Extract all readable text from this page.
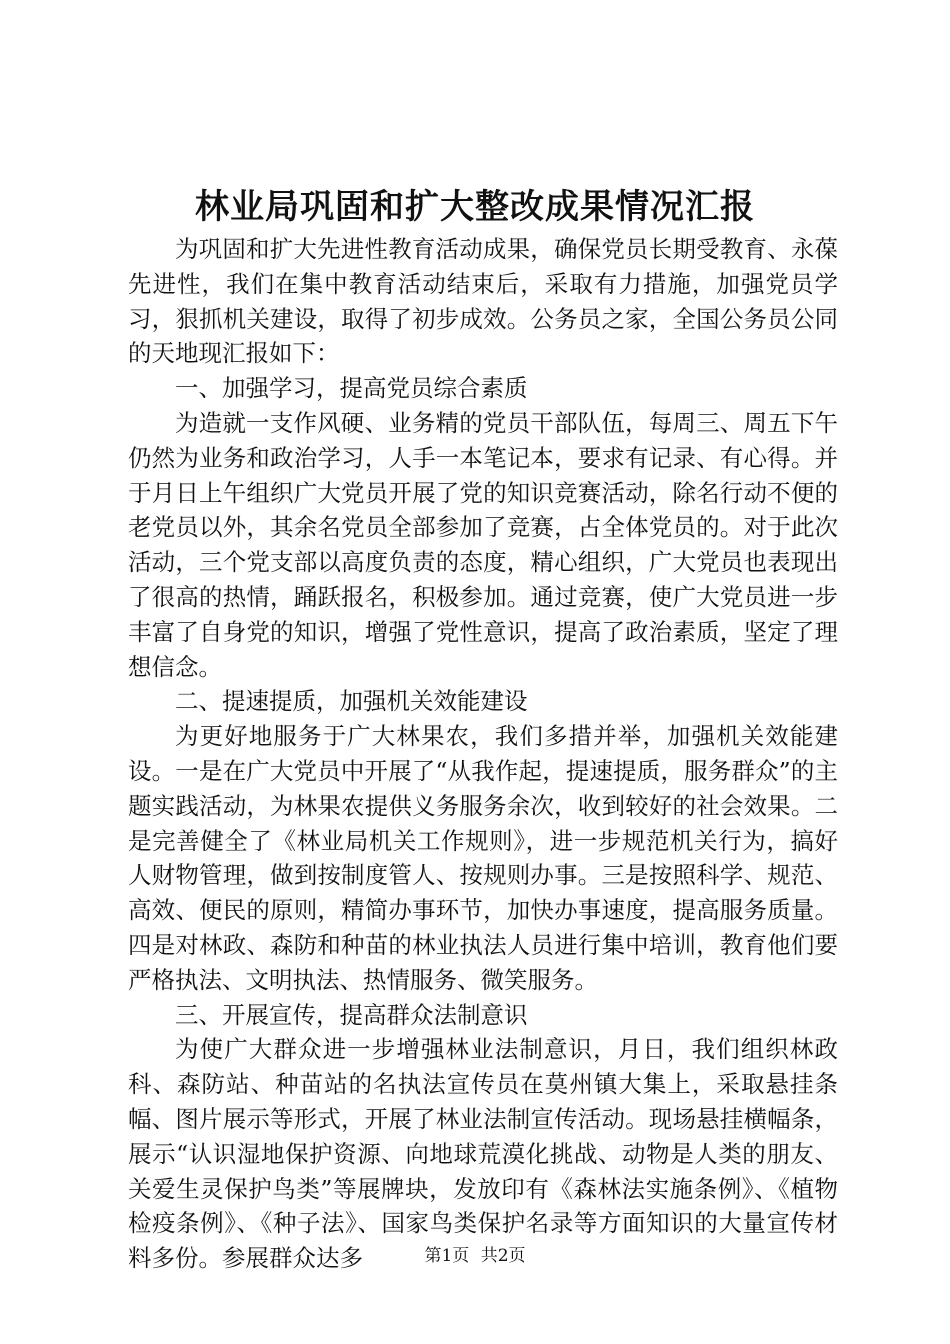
林业局巩固和扩大整改成果情况汇报

为巩固和扩大先进性教育活动成果，确保党员长期受教育、永葆先进性，我们在集中教育活动结束后，采取有力措施，加强党员学习，狠抓机关建设，取得了初步成效。公务员之家，全国公务员公同的天地现汇报如下：

一、加强学习，提高党员综合素质

为造就一支作风硬、业务精的党员干部队伍，每周三、周五下午仍然为业务和政治学习，人手一本笔记本，要求有记录、有心得。并于月日上午组织广大党员开展了党的知识竞赛活动，除名行动不便的老党员以外，其余名党员全部参加了竞赛，占全体党员的。对于此次活动，三个党支部以高度负责的态度，精心组织，广大党员也表现出了很高的热情，踊跃报名，积极参加。通过竞赛，使广大党员进一步丰富了自身党的知识，增强了党性意识，提高了政治素质，坚定了理想信念。

二、提速提质，加强机关效能建设

为更好地服务于广大林果农，我们多措并举，加强机关效能建设。一是在广大党员中开展了“从我作起，提速提质，服务群众”的主题实践活动，为林果农提供义务服务余次，收到较好的社会效果。二是完善健全了《林业局机关工作规则》，进一步规范机关行为，搞好人财物管理，做到按制度管人、按规则办事。三是按照科学、规范、高效、便民的原则，精简办事环节，加快办事速度，提高服务质量。四是对林政、森防和种苗的林业执法人员进行集中培训，教育他们要严格执法、文明执法、热情服务、微笑服务。

三、开展宣传，提高群众法制意识

为使广大群众进一步增强林业法制意识，月日，我们组织林政科、森防站、种苗站的名执法宣传员在莫州镇大集上，采取悬挂条幅、图片展示等形式，开展了林业法制宣传活动。现场悬挂横幅条，展示“认识湿地保护资源、向地球荒漠化挑战、动物是人类的朋友、关爱生灵保护鸟类”等展牌块，发放印有《森林法实施条例》、《植物检疫条例》、《种子法》、国家鸟类保护名录等方面知识的大量宣传材料多份。参展群众达多	第1页 共2页
